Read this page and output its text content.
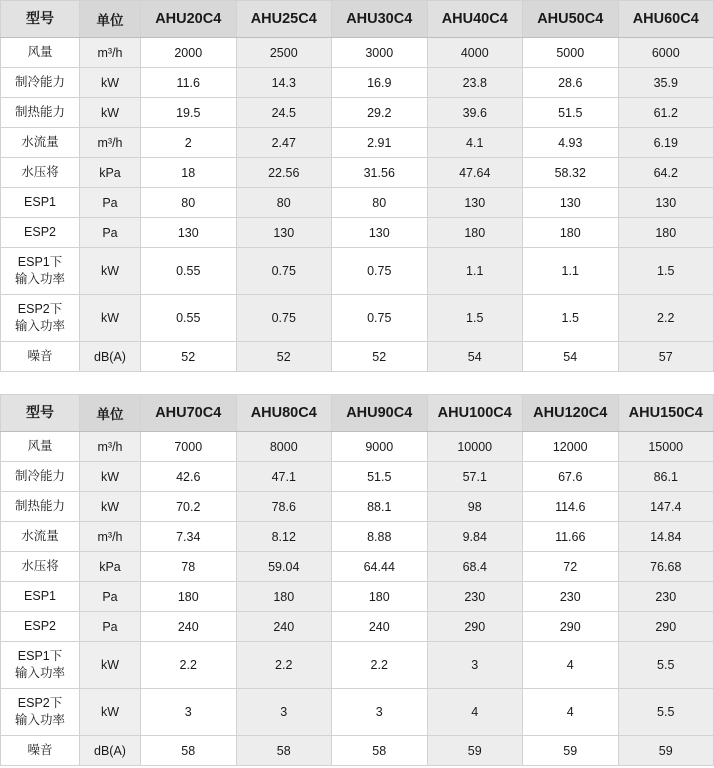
型号	单位	AHU20C4	AHU25C4	AHU30C4	AHU40C4	AHU50C4	AHU60C4

风量	m³/h	2000	2500	3000	4000	5000	6000

制冷能力	kW	11.6	14.3	16.9	23.8	28.6	35.9

制热能力	kW	19.5	24.5	29.2	39.6	51.5	61.2

水流量	m³/h	2	2.47	2.91	4.1	4.93	6.19

水压将	kPa	18	22.56	31.56	47.64	58.32	64.2

ESP1	Pa	80	80	80	130	130	130

ESP2	Pa	130	130	130	180	180	180

ESP1下
输入功率	kW	0.55	0.75	0.75	1.1	1.1	1.5

ESP2下
输入功率	kW	0.55	0.75	0.75	1.5	1.5	2.2

噪音	dB(A)	52	52	52	54	54	57
型号	单位	AHU70C4	AHU80C4	AHU90C4	AHU100C4	AHU120C4	AHU150C4

风量	m³/h	7000	8000	9000	10000	12000	15000

制冷能力	kW	42.6	47.1	51.5	57.1	67.6	86.1

制热能力	kW	70.2	78.6	88.1	98	114.6	147.4

水流量	m³/h	7.34	8.12	8.88	9.84	11.66	14.84

水压将	kPa	78	59.04	64.44	68.4	72	76.68

ESP1	Pa	180	180	180	230	230	230

ESP2	Pa	240	240	240	290	290	290

ESP1下
输入功率	kW	2.2	2.2	2.2	3	4	5.5

ESP2下
输入功率	kW	3	3	3	4	4	5.5

噪音	dB(A)	58	58	58	59	59	59
